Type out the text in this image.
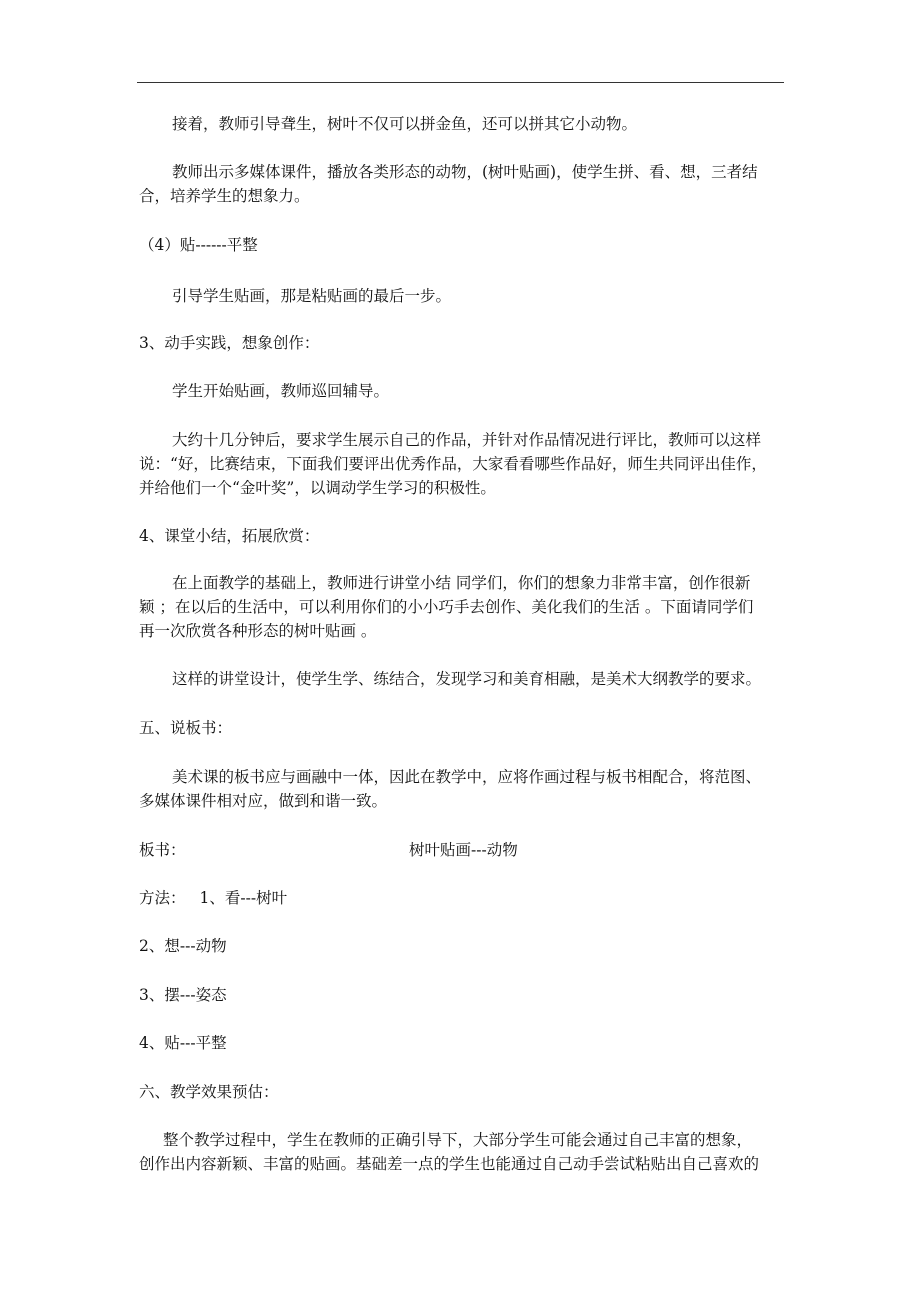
接着，教师引导聋生，树叶不仅可以拼金鱼，还可以拼其它小动物。

教师出示多媒体课件，播放各类形态的动物，(树叶贴画)，使学生拼、看、想，三者结
合，培养学生的想象力。

（4）贴------平整

引导学生贴画，那是粘贴画的最后一步。

3、动手实践，想象创作：

学生开始贴画，教师巡回辅导。

大约十几分钟后，要求学生展示自己的作品，并针对作品情况进行评比，教师可以这样
说：“好，比赛结束，下面我们要评出优秀作品，大家看看哪些作品好，师生共同评出佳作，
并给他们一个“金叶奖”，以调动学生学习的积极性。

4、课堂小结，拓展欣赏：

在上面教学的基础上，教师进行讲堂小结 同学们，你们的想象力非常丰富，创作很新
颖 ；在以后的生活中，可以利用你们的小小巧手去创作、美化我们的生活 。下面请同学们
再一次欣赏各种形态的树叶贴画 。

这样的讲堂设计，使学生学、练结合，发现学习和美育相融，是美术大纲教学的要求。

五、说板书：

美术课的板书应与画融中一体，因此在教学中，应将作画过程与板书相配合，将范图、
多媒体课件相对应，做到和谐一致。
板书：	树叶贴画---动物
方法： 1、看---树叶

2、想---动物

3、摆---姿态

4、贴---平整

六、教学效果预估：

整个教学过程中，学生在教师的正确引导下，大部分学生可能会通过自己丰富的想象，
创作出内容新颖、丰富的贴画。基础差一点的学生也能通过自己动手尝试粘贴出自己喜欢的
